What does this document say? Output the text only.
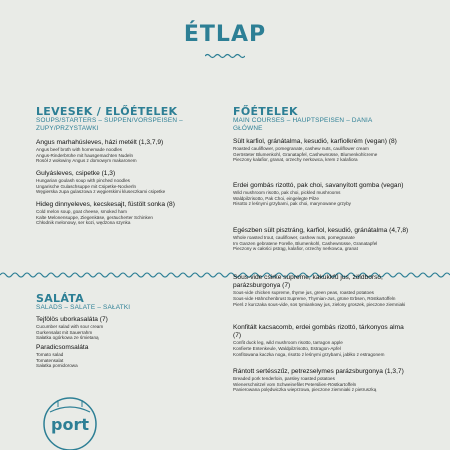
ÉTLAP
LEVESEK / ELŐÉTELEK
SOUPS/STARTERS – SUPPEN/VORSPEISEN – ZUPY/PRZYSTAWKI
Angus marhahúsleves, házi metélt (1,3,7,9)
Angus beef broth with homemade noodles
Angus-Rinderbrühe mit hausgemachten Nudeln
Rosół z wołowiny Angus z domowym makaronem
Gulyásleves, csipetke (1,3)
Hungarian goulash soup with pinched noodles
Ungarische Gulaschsuppe mit Csipetke-Nockerln
Węgierska zupa gulaszowa z węgierskimi kluseczkami csipetke
Hideg dinnyeleves, kecskesajt, füstölt sonka (8)
Cold melon soup, goat cheese, smoked ham
Kalte Melonensuppe, Ziegenkäse, geräucherter Schinken
Chłodnik melonowy, ser kozi, wędzona szynka
SALÁTA
SALADS – SALATE – SAŁATKI
Tejfölös uborkasaláta (7)
Cucumber salad with sour cream
Gurkensalat mit Sauerrahm
Sałatka ogórkowa ze śmietaną
Paradicsomsaláta
Tomato salad
Tomatensalat
Sałatka pomidorowa
FŐÉTELEK
MAIN COURSES – HAUPTSPEISEN – DANIA GŁÓWNE
Sült karfiol, gránátalma, kesudió, karfiolkrém (vegan) (8)
Roasted cauliflower, pomegranate, cashew nuts, cauliflower cream
Gerösteter Blumenkohl, Granatapfel, Cashewnüsse, Blumenkohlcreme
Pieczony kalafior, granat, orzechy nerkowca, krem z kalafiora
Erdei gombás rizottó, pak choi, savanyított gomba (vegan)
Wild mushroom risotto, pak choi, pickled mushrooms
Waldpilzrisotto, Pak Choi, eingelegte Pilze
Risotto z leśnymi grzybami, pak choi, marynowane grzyby
Egészben sült pisztráng, karfiol, kesudió, gránátalma (4,7,8)
Whole roasted trout, cauliflower, cashew nuts, pomegranate
Im Ganzen gebratene Forelle, Blumenkohl, Cashewnüsse, Granatapfel
Pieczony w całości pstrąg, kalafior, orzechy nerkowca, granat
Sous-vide csirke supreme, kakukkfű jus, zöldborsó, parázsburgonya (7)
Sous-vide chicken supreme, thyme jus, green peas, roasted potatoes
Sous-vide Hähnchenbrust Supreme, Thymian-Jus, grüne Erbsen, Röstkartoffeln
Pierś z kurczaka sous-vide, sos tymiankowy jus, zielony groszek, pieczone ziemniaki
Konfitált kacsacomb, erdei gombás rizottó, tárkonyos alma (7)
Confit duck leg, wild mushroom risotto, tarragon apple
Konfierte Entenkeule, Waldpilzrisotto, Estragon-Apfel
Konfitowana kaczka noga, risotto z leśnymi grzybami, jabłko z estragonem
Rántott sertésszűz, petrezselymes parázsburgonya (1,3,7)
Breaded pork tenderloin, parsley roasted potatoes
Wienerschnitzel vom Schweinefilet Petersilien-Röstkartoffeln
Panierowana polędwiczka wieprzowa, pieczone ziemniaki z pietruszką
port
